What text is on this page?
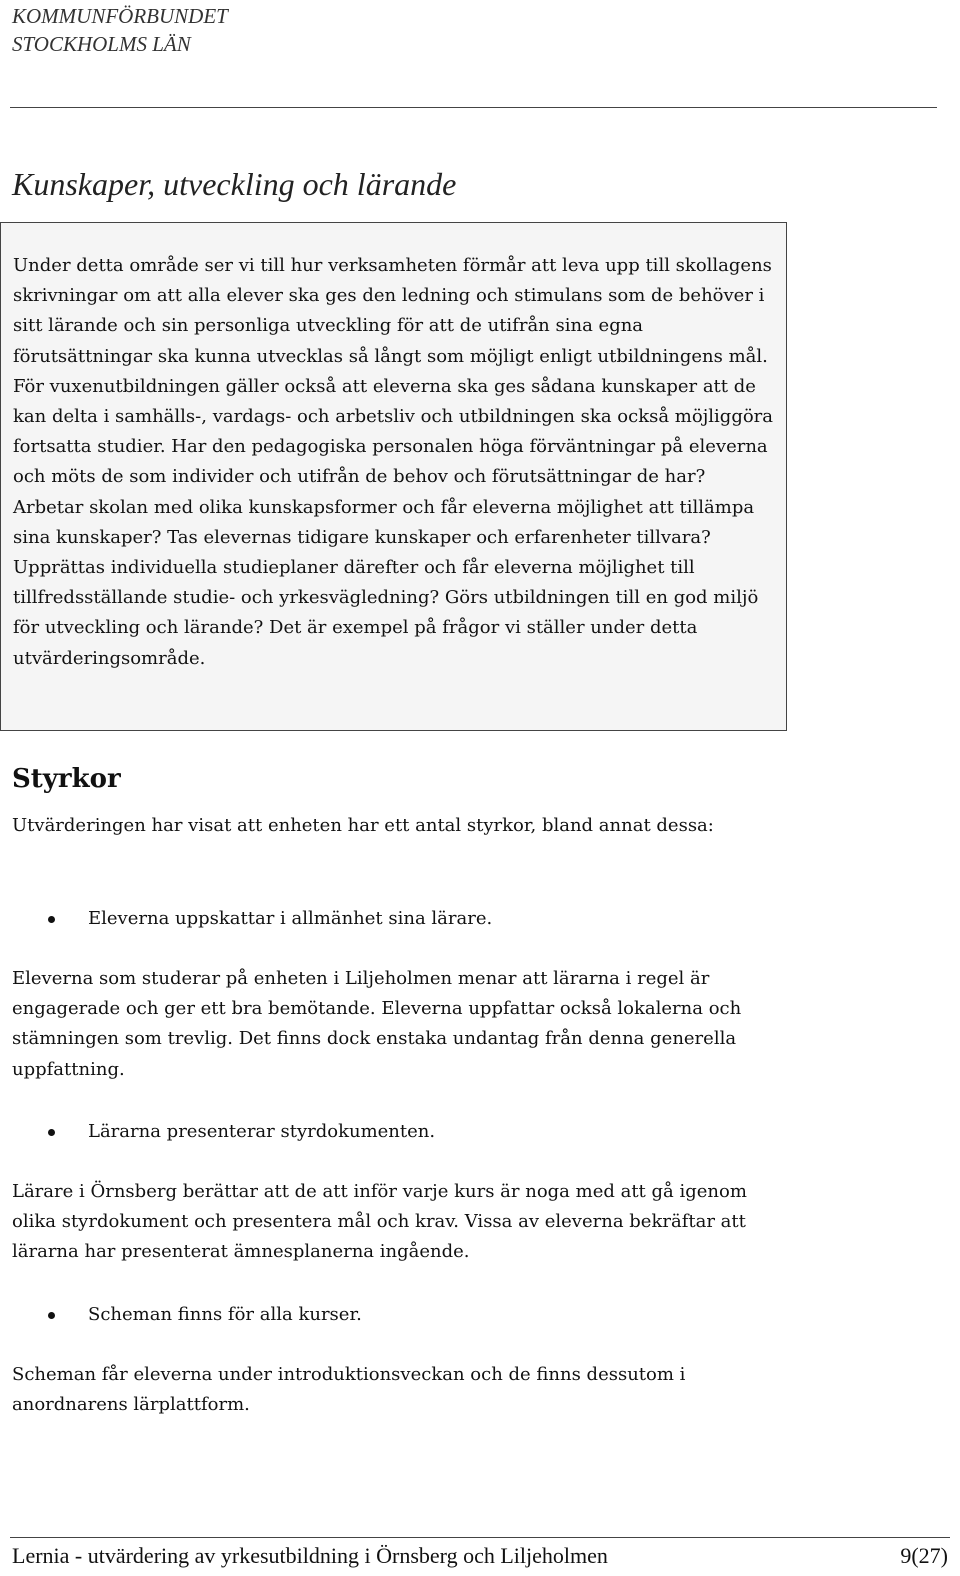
KOMMUNFÖRBUNDET
STOCKHOLMS LÄN
Kunskaper, utveckling och lärande

Under detta område ser vi till hur verksamheten förmår att leva upp till skollagens skrivningar om att alla elever ska ges den ledning och stimulans som de behöver i sitt lärande och sin personliga utveckling för att de utifrån sina egna förutsättningar ska kunna utvecklas så långt som möjligt enligt utbildningens mål. För vuxenutbildningen gäller också att eleverna ska ges sådana kunskaper att de kan delta i samhälls-, vardags- och arbetsliv och utbildningen ska också möjliggöra fortsatta studier. Har den pedagogiska personalen höga förväntningar på eleverna och möts de som individer och utifrån de behov och förutsättningar de har? Arbetar skolan med olika kunskapsformer och får eleverna möjlighet att tillämpa sina kunskaper? Tas elevernas tidigare kunskaper och erfarenheter tillvara? Upprättas individuella studieplaner därefter och får eleverna möjlighet till tillfredsställande studie- och yrkesvägledning? Görs utbildningen till en god miljö för utveckling och lärande? Det är exempel på frågor vi ställer under detta utvärderingsområde.

Styrkor

Utvärderingen har visat att enheten har ett antal styrkor, bland annat dessa:

Eleverna uppskattar i allmänhet sina lärare.

Eleverna som studerar på enheten i Liljeholmen menar att lärarna i regel är engagerade och ger ett bra bemötande. Eleverna uppfattar också lokalerna och stämningen som trevlig. Det finns dock enstaka undantag från denna generella uppfattning.

Lärarna presenterar styrdokumenten.

Lärare i Örnsberg berättar att de att inför varje kurs är noga med att gå igenom olika styrdokument och presentera mål och krav. Vissa av eleverna bekräftar att lärarna har presenterat ämnesplanerna ingående.

Scheman finns för alla kurser.

Scheman får eleverna under introduktionsveckan och de finns dessutom i anordnarens lärplattform.

Lernia - utvärdering av yrkesutbildning i Örnsberg och Liljeholmen	9(27)
